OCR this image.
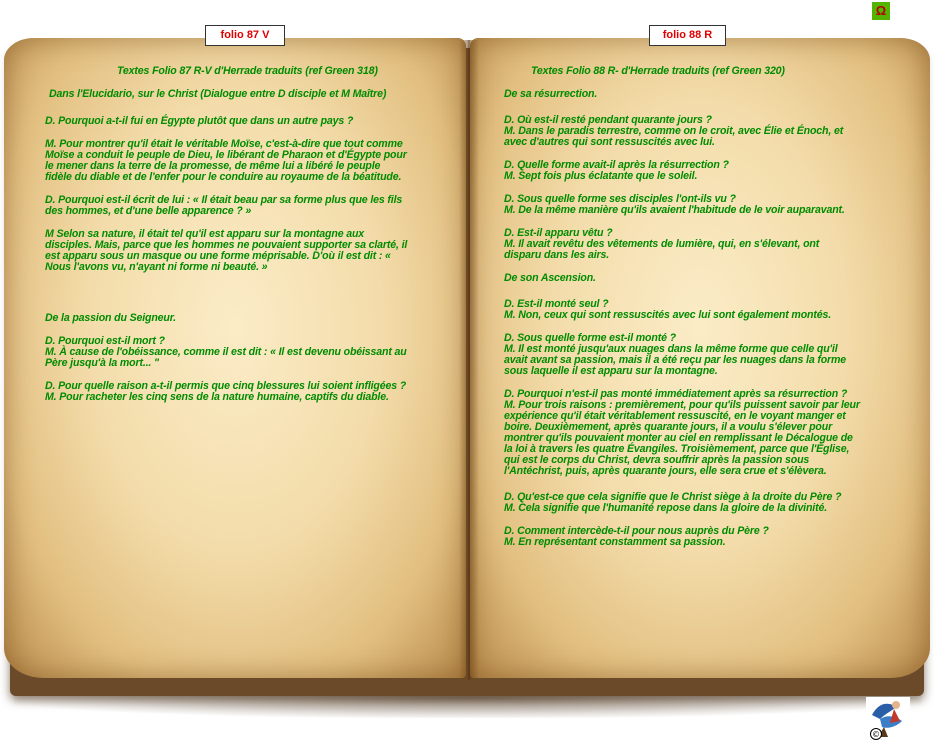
Ω
folio 87 V	folio 88 R
Textes Folio 87 R-V d'Herrade traduits (ref Green 318)
Dans l'Elucidario, sur le Christ (Dialogue entre D disciple et M Maître)
D. Pourquoi a-t-il fui en Égypte plutôt que dans un autre pays ?
M. Pour montrer qu'il était le véritable Moïse, c'est-à-dire que tout comme
Moïse a conduit le peuple de Dieu, le libérant de Pharaon et d'Égypte pour
le mener dans la terre de la promesse, de même lui a libéré le peuple
fidèle du diable et de l'enfer pour le conduire au royaume de la béatitude.
D. Pourquoi est-il écrit de lui : « Il était beau par sa forme plus que les fils
des hommes, et d'une belle apparence ? »
M Selon sa nature, il était tel qu'il est apparu sur la montagne aux
disciples. Mais, parce que les hommes ne pouvaient supporter sa clarté, il
est apparu sous un masque ou une forme méprisable. D'où il est dit : «
Nous l'avons vu, n'ayant ni forme ni beauté. »
De la passion du Seigneur.
D. Pourquoi est-il mort ?
M. À cause de l'obéissance, comme il est dit : « Il est devenu obéissant au
Père jusqu'à la mort... "
D. Pour quelle raison a-t-il permis que cinq blessures lui soient infligées ?
M. Pour racheter les cinq sens de la nature humaine, captifs du diable.
Textes Folio 88 R- d'Herrade traduits (ref Green 320)
De sa résurrection.
D. Où est-il resté pendant quarante jours ?
M. Dans le paradis terrestre, comme on le croit, avec Élie et Énoch, et
avec d'autres qui sont ressuscités avec lui.
D. Quelle forme avait-il après la résurrection ?
M. Sept fois plus éclatante que le soleil.
D. Sous quelle forme ses disciples l'ont-ils vu ?
M. De la même manière qu'ils avaient l'habitude de le voir auparavant.
D. Est-il apparu vêtu ?
M. Il avait revêtu des vêtements de lumière, qui, en s'élevant, ont
disparu dans les airs.
De son Ascension.
D. Est-il monté seul ?
M. Non, ceux qui sont ressuscités avec lui sont également montés.
D. Sous quelle forme est-il monté ?
M. Il est monté jusqu'aux nuages dans la même forme que celle qu'il
avait avant sa passion, mais il a été reçu par les nuages dans la forme
sous laquelle il est apparu sur la montagne.
D. Pourquoi n'est-il pas monté immédiatement après sa résurrection ?
M. Pour trois raisons : premièrement, pour qu'ils puissent savoir par leur
expérience qu'il était véritablement ressuscité, en le voyant manger et
boire. Deuxièmement, après quarante jours, il a voulu s'élever pour
montrer qu'ils pouvaient monter au ciel en remplissant le Décalogue de
la loi à travers les quatre Évangiles. Troisièmement, parce que l'Église,
qui est le corps du Christ, devra souffrir après la passion sous
l'Antéchrist, puis, après quarante jours, elle sera crue et s'élèvera.
D. Qu'est-ce que cela signifie que le Christ siège à la droite du Père ?
M. Cela signifie que l'humanité repose dans la gloire de la divinité.
D. Comment intercède-t-il pour nous auprès du Père ?
M. En représentant constamment sa passion.
©
